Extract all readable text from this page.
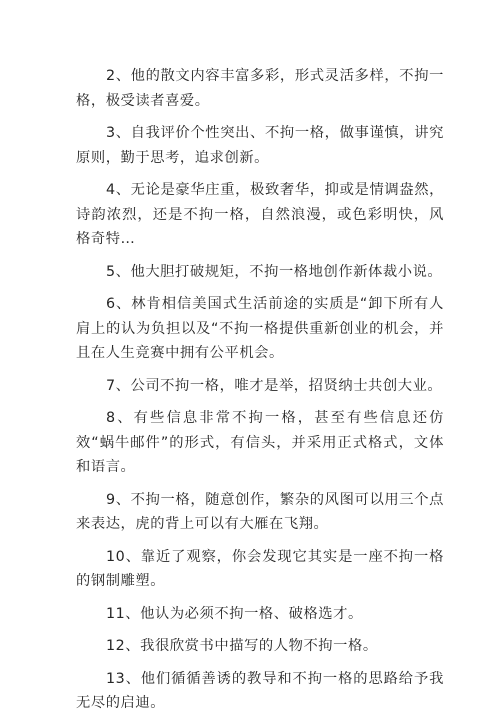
2、他的散文内容丰富多彩，形式灵活多样，不拘一格，极受读者喜爱。

3、自我评价个性突出、不拘一格，做事谨慎，讲究原则，勤于思考，追求创新。

4、无论是豪华庄重，极致奢华，抑或是情调盎然，诗韵浓烈，还是不拘一格，自然浪漫，或色彩明快，风格奇特…

5、他大胆打破规矩，不拘一格地创作新体裁小说。

6、林肯相信美国式生活前途的实质是“卸下所有人肩上的认为负担以及“不拘一格提供重新创业的机会，并且在人生竞赛中拥有公平机会。

7、公司不拘一格，唯才是举，招贤纳士共创大业。

8、有些信息非常不拘一格，甚至有些信息还仿效“蜗牛邮件”的形式，有信头，并采用正式格式，文体和语言。

9、不拘一格，随意创作，繁杂的风图可以用三个点来表达，虎的背上可以有大雁在飞翔。

10、靠近了观察，你会发现它其实是一座不拘一格的钢制雕塑。

11、他认为必须不拘一格、破格选才。

12、我很欣赏书中描写的人物不拘一格。

13、他们循循善诱的教导和不拘一格的思路给予我无尽的启迪。
